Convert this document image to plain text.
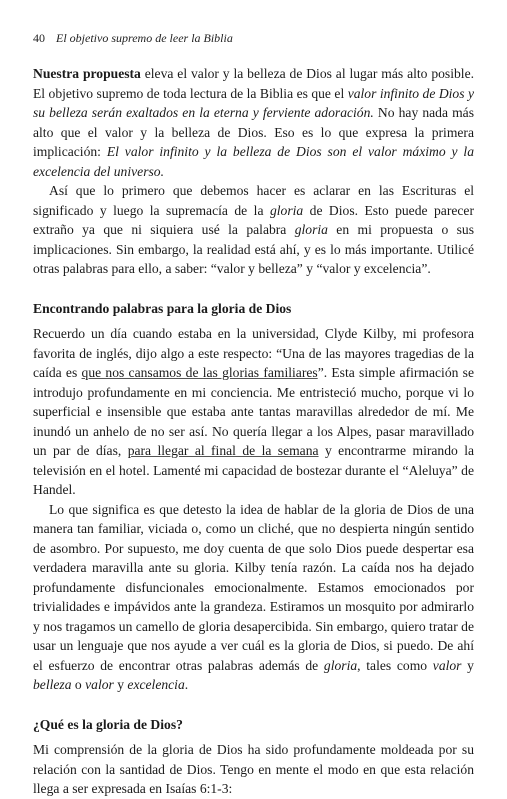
40 El objetivo supremo de leer la Biblia

Nuestra propuesta eleva el valor y la belleza de Dios al lugar más alto posible. El objetivo supremo de toda lectura de la Biblia es que el valor infinito de Dios y su belleza serán exaltados en la eterna y ferviente adoración. No hay nada más alto que el valor y la belleza de Dios. Eso es lo que expresa la primera implicación: El valor infinito y la belleza de Dios son el valor máximo y la excelencia del universo.

Así que lo primero que debemos hacer es aclarar en las Escrituras el significado y luego la supremacía de la gloria de Dios. Esto puede parecer extraño ya que ni siquiera usé la palabra gloria en mi propuesta o sus implicaciones. Sin embargo, la realidad está ahí, y es lo más importante. Utilicé otras palabras para ello, a saber: “valor y belleza” y “valor y excelencia”.

Encontrando palabras para la gloria de Dios

Recuerdo un día cuando estaba en la universidad, Clyde Kilby, mi profesora favorita de inglés, dijo algo a este respecto: “Una de las mayores tragedias de la caída es que nos cansamos de las glorias familiares”. Esta simple afirmación se introdujo profundamente en mi conciencia. Me entristeció mucho, porque vi lo superficial e insensible que estaba ante tantas maravillas alrededor de mí. Me inundó un anhelo de no ser así. No quería llegar a los Alpes, pasar maravillado un par de días, para llegar al final de la semana y encontrarme mirando la televisión en el hotel. Lamenté mi capacidad de bostezar durante el “Aleluya” de Handel.

Lo que significa es que detesto la idea de hablar de la gloria de Dios de una manera tan familiar, viciada o, como un cliché, que no despierta ningún sentido de asombro. Por supuesto, me doy cuenta de que solo Dios puede despertar esa verdadera maravilla ante su gloria. Kilby tenía razón. La caída nos ha dejado profundamente disfuncionales emocionalmente. Estamos emocionados por trivialidades e impávidos ante la grandeza. Estiramos un mosquito por admirarlo y nos tragamos un camello de gloria desapercibida. Sin embargo, quiero tratar de usar un lenguaje que nos ayude a ver cuál es la gloria de Dios, si puedo. De ahí el esfuerzo de encontrar otras palabras además de gloria, tales como valor y belleza o valor y excelencia.

¿Qué es la gloria de Dios?

Mi comprensión de la gloria de Dios ha sido profundamente moldeada por su relación con la santidad de Dios. Tengo en mente el modo en que esta relación llega a ser expresada en Isaías 6:1-3:
